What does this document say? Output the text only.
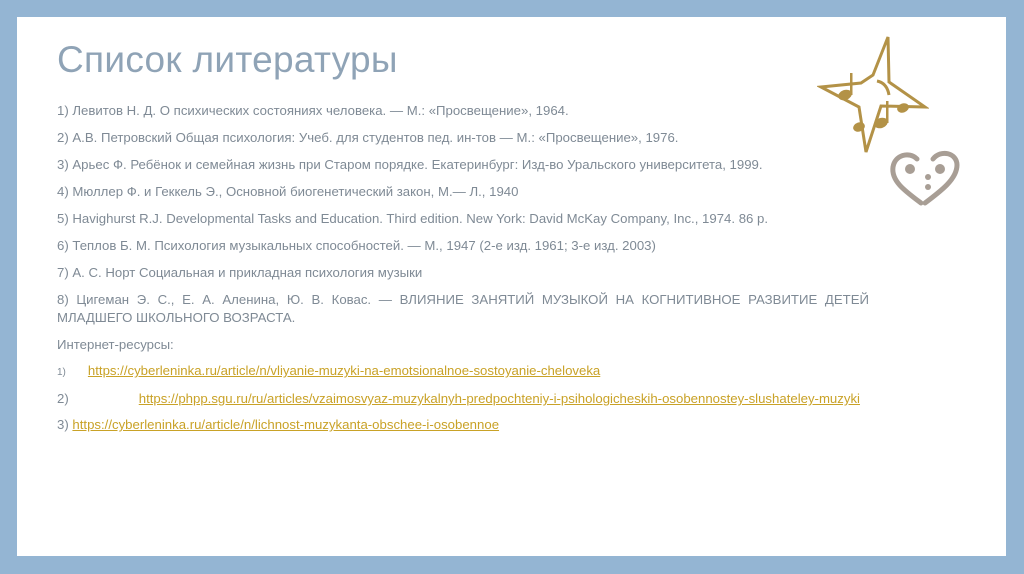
Список литературы

1) Левитов Н. Д. О психических состояниях человека. — М.: «Просвещение», 1964.

2) А.В. Петровский Общая психология: Учеб. для студентов пед. ин-тов — М.: «Просвещение», 1976.

3) Арьес Ф. Ребёнок и семейная жизнь при Старом порядке. Екатеринбург: Изд-во Уральского университета, 1999.

4) Мюллер Ф. и Геккель Э., Основной биогенетический закон, М.— Л., 1940

5) Havighurst R.J. Developmental Tasks and Education. Third edition. New York: David McKay Company, Inc., 1974. 86 p.

6) Теплов Б. М. Психология музыкальных способностей. — М., 1947 (2-е изд. 1961; 3-е изд. 2003)

7) А. С. Норт Социальная и прикладная психология музыки

8) Цигеман Э. С., Е. А. Аленина, Ю. В. Ковас. — ВЛИЯНИЕ ЗАНЯТИЙ МУЗЫКОЙ НА КОГНИТИВНОЕ РАЗВИТИЕ ДЕТЕЙ МЛАДШЕГО ШКОЛЬНОГО ВОЗРАСТА.

Интернет-ресурсы:

1) https://cyberleninka.ru/article/n/vliyanie-muzyki-na-emotsionalnoe-sostoyanie-cheloveka

2)	https://phpp.sgu.ru/ru/articles/vzaimosvyaz-muzykalnyh-predpochteniy-i-psihologicheskih-osobennostey-slushateley-muzyki

3) https://cyberleninka.ru/article/n/lichnost-muzykanta-obschee-i-osobennoe
